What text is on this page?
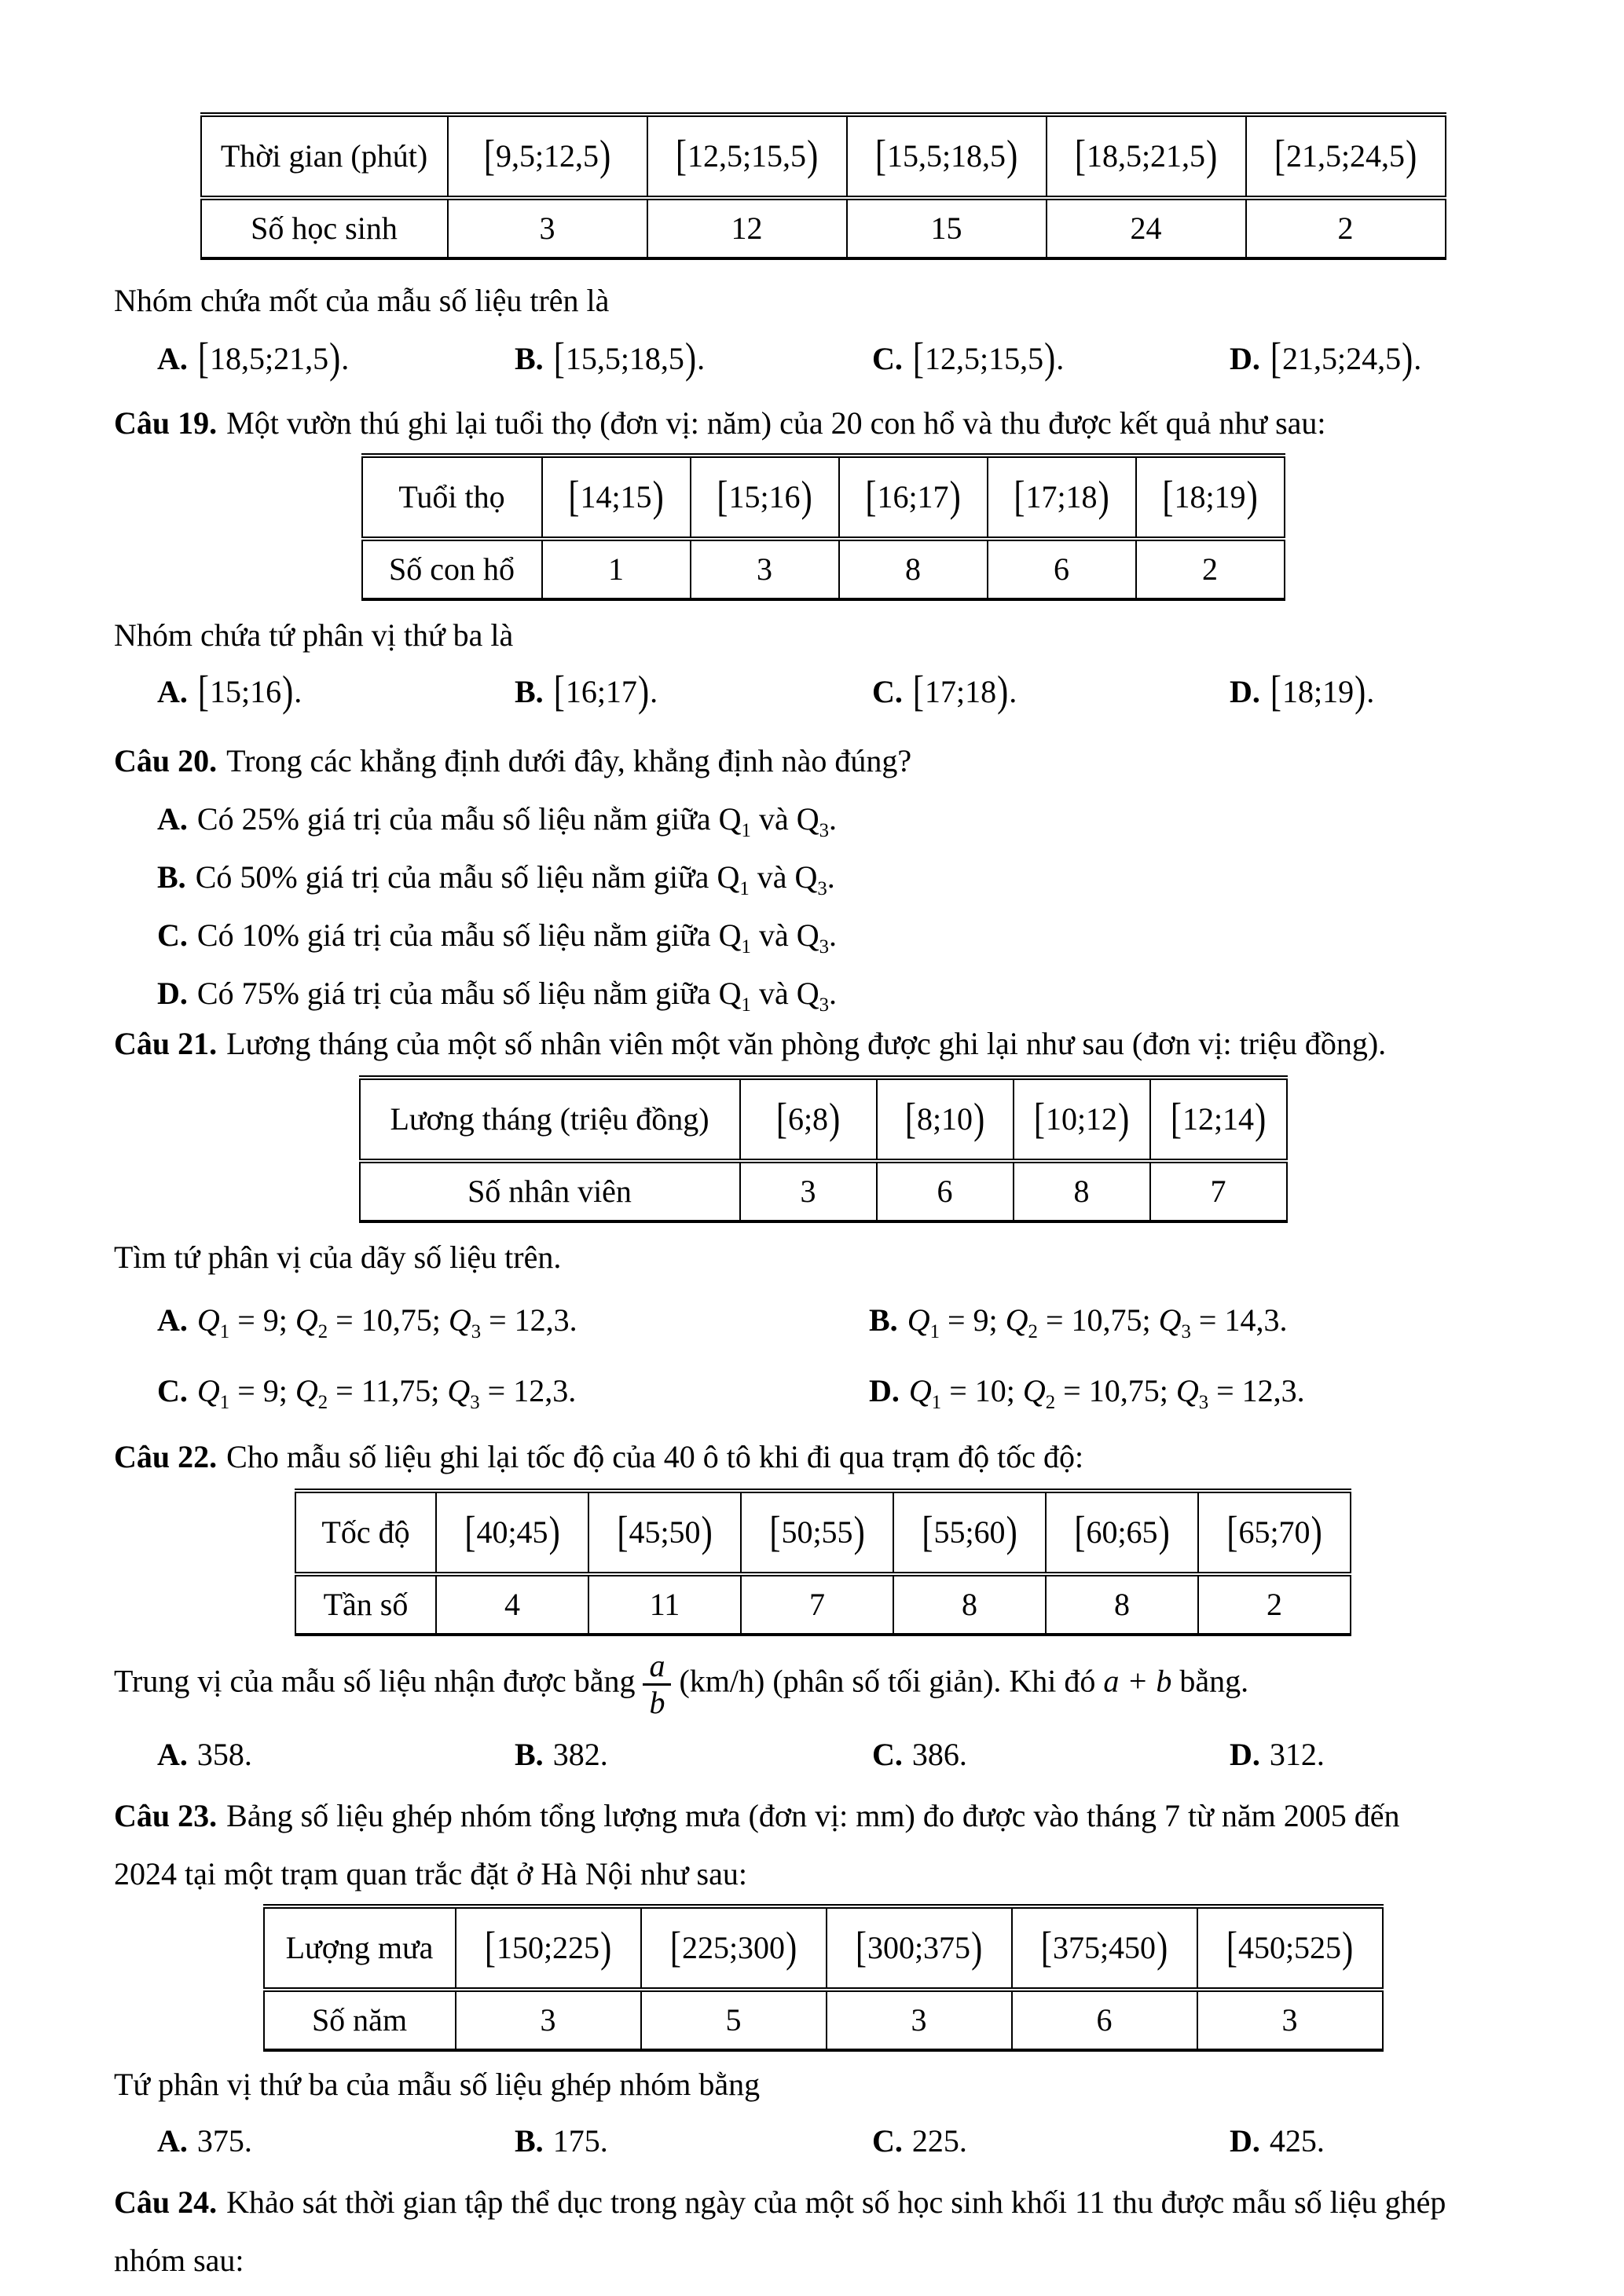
Thời gian (phút)	[9,5;12,5)	[12,5;15,5)	[15,5;18,5)	[18,5;21,5)	[21,5;24,5)
Số học sinh	3	12	15	24	2
Nhóm chứa mốt của mẫu số liệu trên là
A. [18,5;21,5).	B. [15,5;18,5).	C. [12,5;15,5).	D. [21,5;24,5).
Câu 19. Một vườn thú ghi lại tuổi thọ (đơn vị: năm) của 20 con hổ và thu được kết quả như sau:
Tuổi thọ	[14;15)	[15;16)	[16;17)	[17;18)	[18;19)
Số con hổ	1	3	8	6	2
Nhóm chứa tứ phân vị thứ ba là
A. [15;16).	B. [16;17).	C. [17;18).	D. [18;19).
Câu 20. Trong các khẳng định dưới đây, khẳng định nào đúng?
A. Có 25% giá trị của mẫu số liệu nằm giữa $Q_1$ và $Q_3$.
B. Có 50% giá trị của mẫu số liệu nằm giữa $Q_1$ và $Q_3$.
C. Có 10% giá trị của mẫu số liệu nằm giữa $Q_1$ và $Q_3$.
D. Có 75% giá trị của mẫu số liệu nằm giữa $Q_1$ và $Q_3$.
Câu 21. Lương tháng của một số nhân viên một văn phòng được ghi lại như sau (đơn vị: triệu đồng).
Lương tháng (triệu đồng)	[6;8)	[8;10)	[10;12)	[12;14)
Số nhân viên	3	6	8	7
Tìm tứ phân vị của dãy số liệu trên.
A. $Q_1 = 9$; $Q_2 = 10,75$; $Q_3 = 12,3$.	B. $Q_1 = 9$; $Q_2 = 10,75$; $Q_3 = 14,3$.
C. $Q_1 = 9$; $Q_2 = 11,75$; $Q_3 = 12,3$.	D. $Q_1 = 10$; $Q_2 = 10,75$; $Q_3 = 12,3$.
Câu 22. Cho mẫu số liệu ghi lại tốc độ của 40 ô tô khi đi qua trạm độ tốc độ:
Tốc độ	[40;45)	[45;50)	[50;55)	[55;60)	[60;65)	[65;70)
Tần số	4	11	7	8	8	2
Trung vị của mẫu số liệu nhận được bằng $\frac{a}{b} (km/h)$ (phân số tối giản). Khi đó a + b bằng.
A. 358.	B. 382.	C. 386.	D. 312.
Câu 23. Bảng số liệu ghép nhóm tổng lượng mưa (đơn vị: mm) đo được vào tháng 7 từ năm 2005 đến
2024 tại một trạm quan trắc đặt ở Hà Nội như sau:
Lượng mưa	[150;225)	[225;300)	[300;375)	[375;450)	[450;525)
Số năm	3	5	3	6	3
Tứ phân vị thứ ba của mẫu số liệu ghép nhóm bằng
A. 375.	B. 175.	C. 225.	D. 425.
Câu 24. Khảo sát thời gian tập thể dục trong ngày của một số học sinh khối 11 thu được mẫu số liệu ghép
nhóm sau:
